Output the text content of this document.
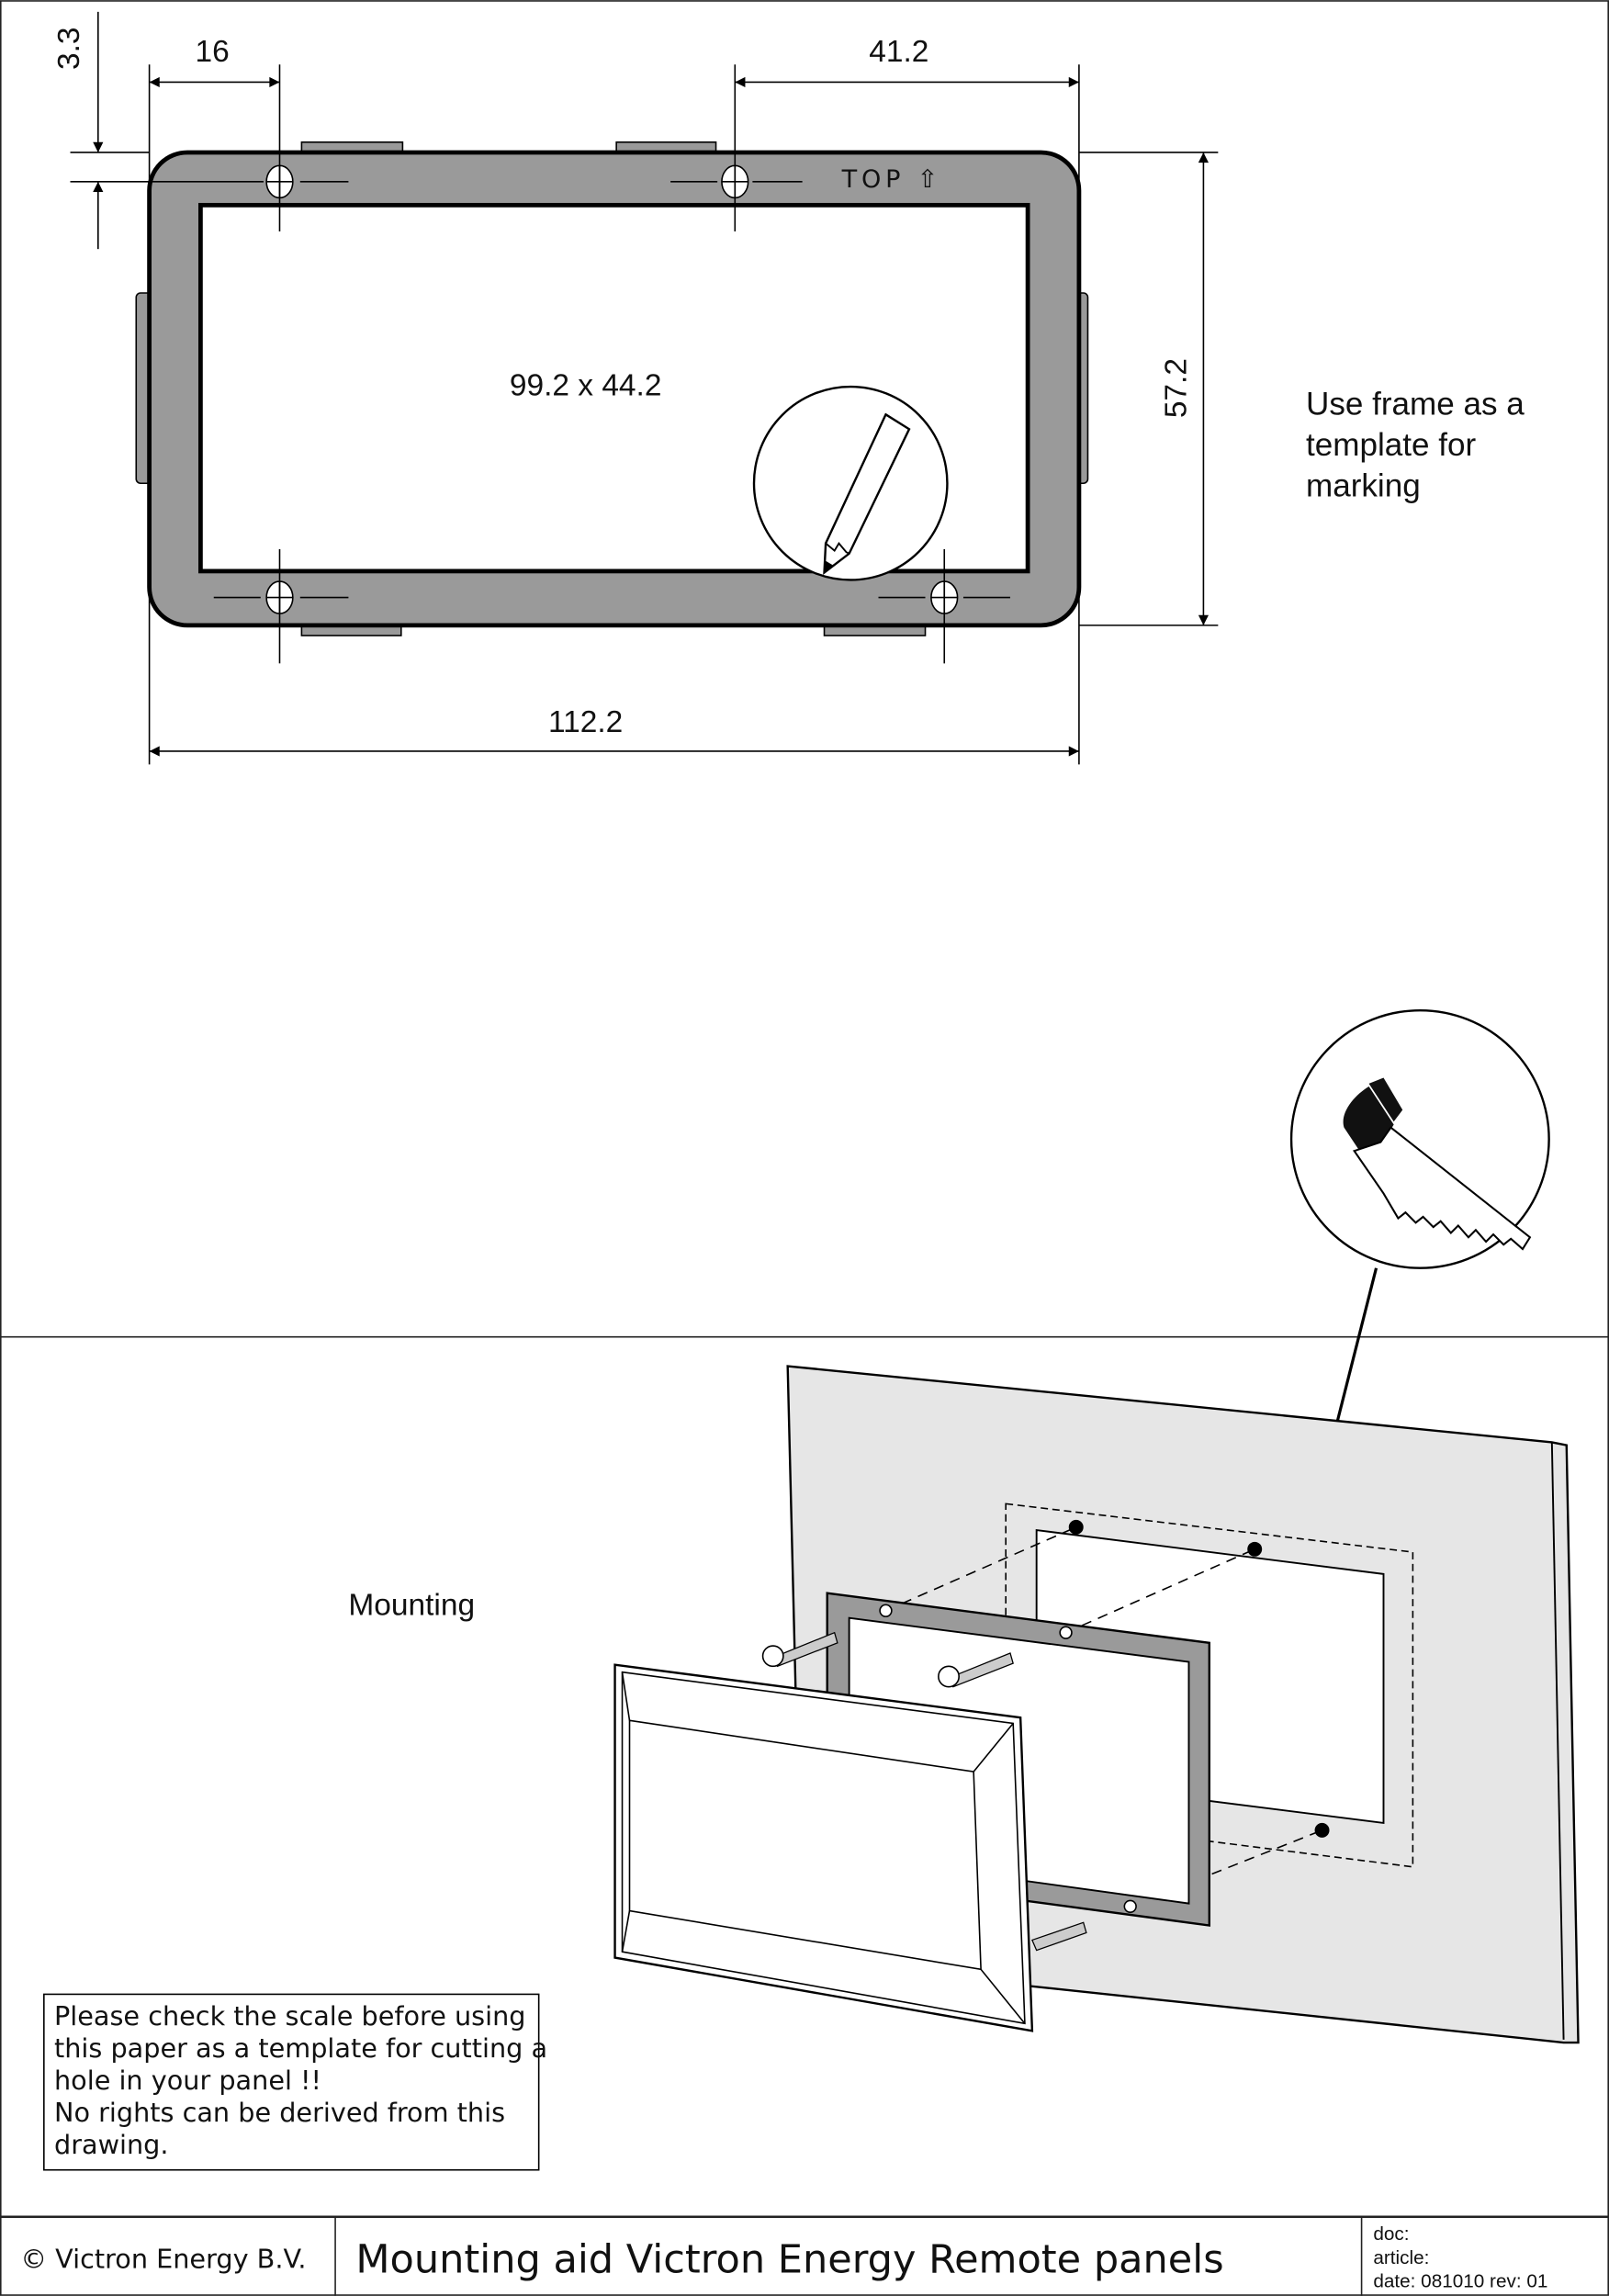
TOP ⇧
16	41.2
3.3
57.2
112.2
99.2 x 44.2
Use frame as a template for marking
Mounting
Please check the scale before using this paper as a template for cutting a hole in your panel !! No rights can be derived from this drawing.
© Victron Energy B.V. Mounting aid Victron Energy Remote panels
doc:
article:
date: 081010 rev: 01
